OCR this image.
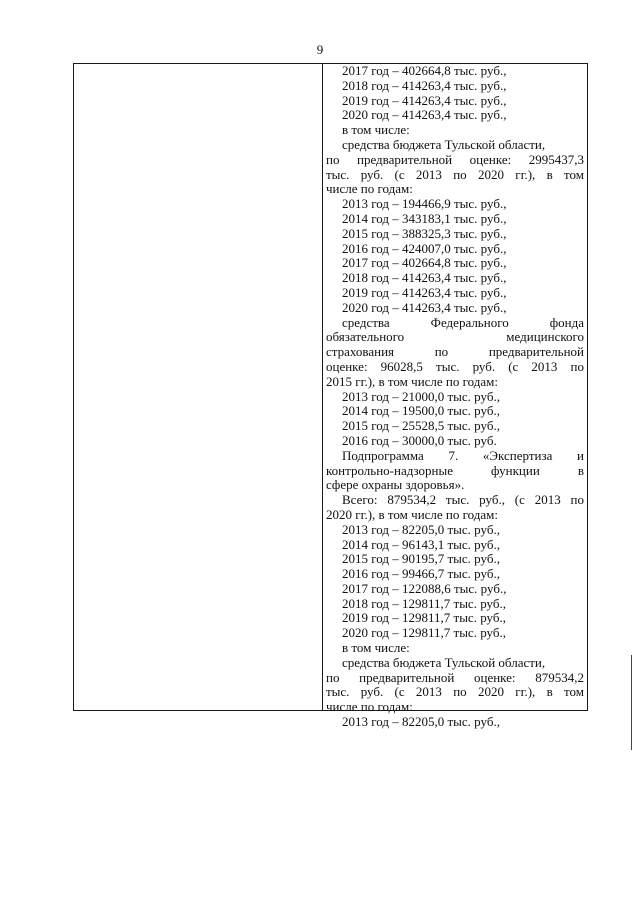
9
2017 год – 402664,8 тыс. руб.,
2018 год – 414263,4 тыс. руб.,
2019 год – 414263,4 тыс. руб.,
2020 год – 414263,4 тыс. руб.,
в том числе:
средства бюджета Тульской области,
по предварительной оценке: 2995437,3
тыс. руб. (с 2013 по 2020 гг.), в том
числе по годам:
2013 год – 194466,9 тыс. руб.,
2014 год – 343183,1 тыс. руб.,
2015 год – 388325,3 тыс. руб.,
2016 год – 424007,0 тыс. руб.,
2017 год – 402664,8 тыс. руб.,
2018 год – 414263,4 тыс. руб.,
2019 год – 414263,4 тыс. руб.,
2020 год – 414263,4 тыс. руб.,
средства Федерального фонда
обязательного медицинского
страхования по предварительной
оценке: 96028,5 тыс. руб. (с 2013 по
2015 гг.), в том числе по годам:
2013 год – 21000,0 тыс. руб.,
2014 год – 19500,0 тыс. руб.,
2015 год – 25528,5 тыс. руб.,
2016 год – 30000,0 тыс. руб.
Подпрограмма 7. «Экспертиза и
контрольно-надзорные функции в
сфере охраны здоровья».
Всего: 879534,2 тыс. руб., (с 2013 по
2020 гг.), в том числе по годам:
2013 год – 82205,0 тыс. руб.,
2014 год – 96143,1 тыс. руб.,
2015 год – 90195,7 тыс. руб.,
2016 год – 99466,7 тыс. руб.,
2017 год – 122088,6 тыс. руб.,
2018 год – 129811,7 тыс. руб.,
2019 год – 129811,7 тыс. руб.,
2020 год – 129811,7 тыс. руб.,
в том числе:
средства бюджета Тульской области,
по предварительной оценке: 879534,2
тыс. руб. (с 2013 по 2020 гг.), в том
числе по годам:
2013 год – 82205,0 тыс. руб.,
